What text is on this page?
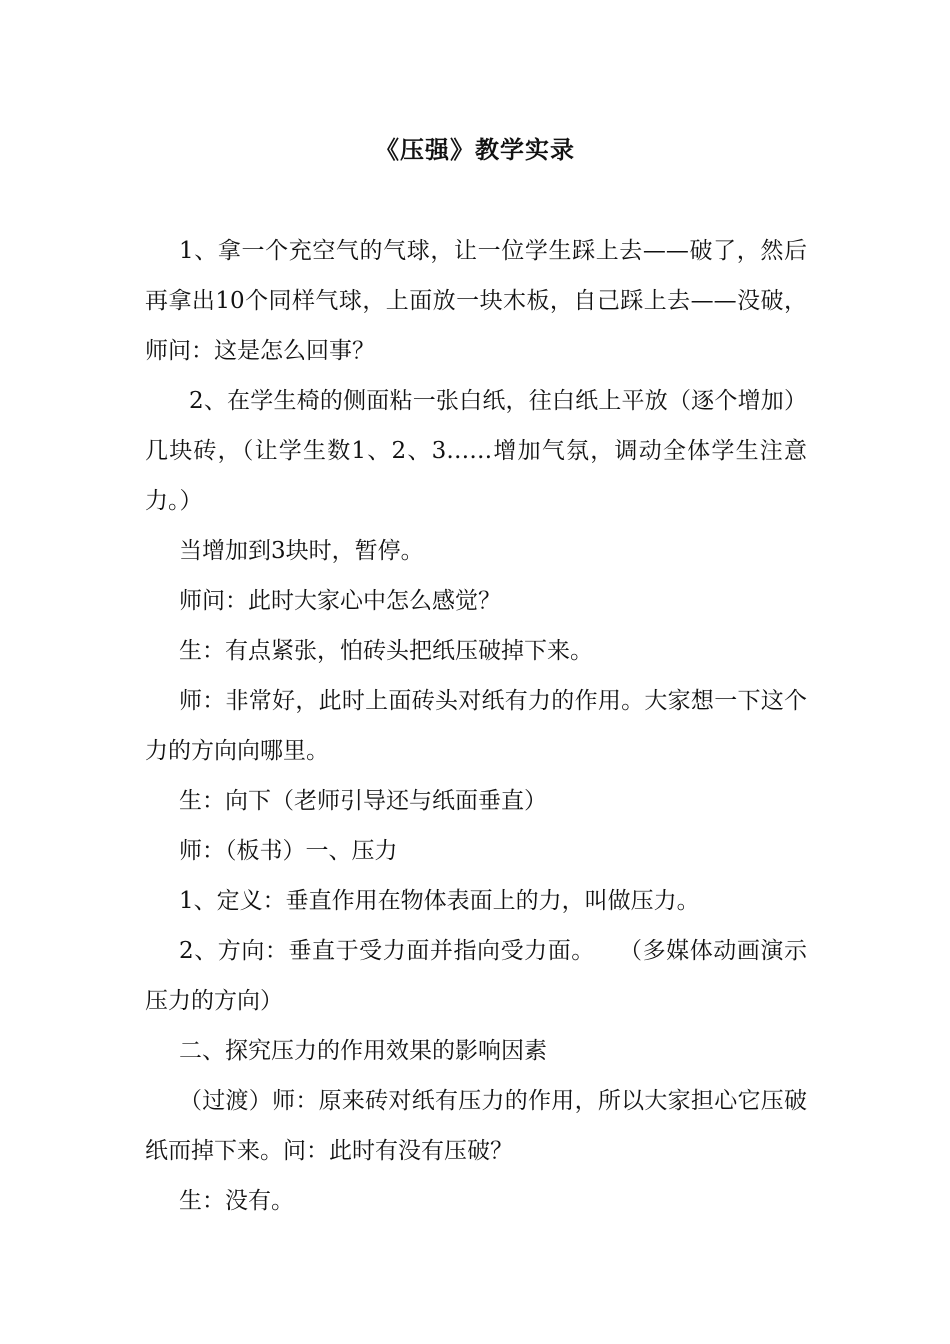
《压强》教学实录

1、拿一个充空气的气球，让一位学生踩上去——破了，然后再拿出10个同样气球，上面放一块木板，自己踩上去——没破，师问：这是怎么回事？

2、在学生椅的侧面粘一张白纸，往白纸上平放（逐个增加）几块砖，（让学生数1、2、3……增加气氛，调动全体学生注意力。）

当增加到3块时，暂停。

师问：此时大家心中怎么感觉？

生：有点紧张，怕砖头把纸压破掉下来。

师：非常好，此时上面砖头对纸有力的作用。大家想一下这个力的方向向哪里。

生：向下（老师引导还与纸面垂直）

师：（板书）一、压力

1、定义：垂直作用在物体表面上的力，叫做压力。

2、方向：垂直于受力面并指向受力面。　　（多媒体动画演示压力的方向）

二、探究压力的作用效果的影响因素

（过渡）师：原来砖对纸有压力的作用，所以大家担心它压破纸而掉下来。问：此时有没有压破？

生：没有。
